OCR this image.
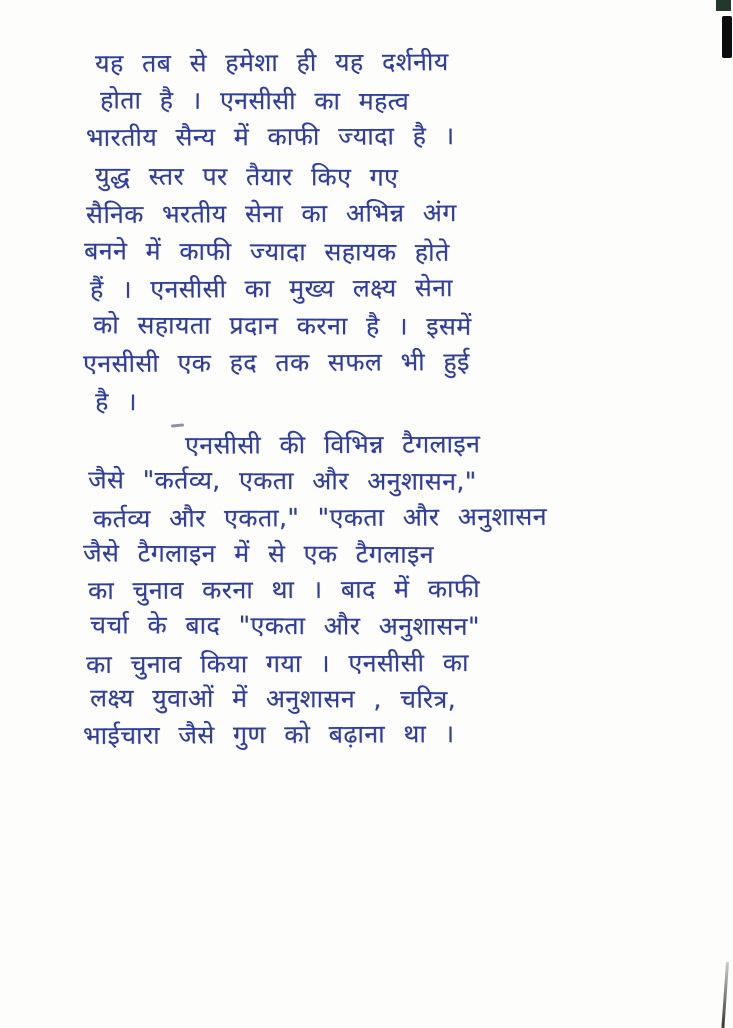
यह तब से हमेशा ही यह दर्शनीय
होता है । एनसीसी का महत्व
भारतीय सैन्य में काफी ज्यादा है ।
युद्ध स्तर पर तैयार किए गए
सैनिक भरतीय सेना का अभिन्न अंग
बनने में काफी ज्यादा सहायक होते
हैं । एनसीसी का मुख्य लक्ष्य सेना
को सहायता प्रदान करना है । इसमें
एनसीसी एक हद तक सफल भी हुई
है ।
एनसीसी की विभिन्न टैगलाइन
जैसे "कर्तव्य, एकता और अनुशासन,"
कर्तव्य और एकता," "एकता और अनुशासन
जैसे टैगलाइन में से एक टैगलाइन
का चुनाव करना था । बाद में काफी
चर्चा के बाद "एकता और अनुशासन"
का चुनाव किया गया । एनसीसी का
लक्ष्य युवाओं में अनुशासन , चरित्र,
भाईचारा जैसे गुण को बढ़ाना था ।
